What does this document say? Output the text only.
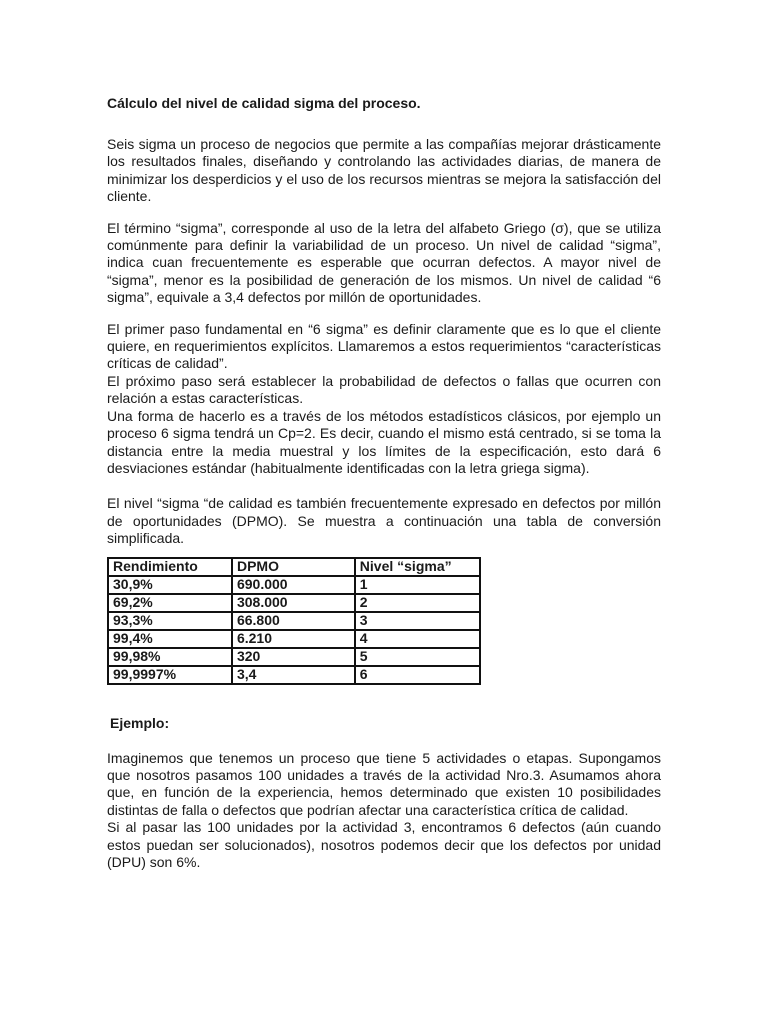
Cálculo del nivel de calidad sigma del proceso.

Seis sigma un proceso de negocios que permite a las compañías mejorar drásticamente los resultados finales, diseñando y controlando las actividades diarias, de manera de minimizar los desperdicios y el uso de los recursos mientras se mejora la satisfacción del cliente.

El término “sigma”, corresponde al uso de la letra del alfabeto Griego (σ), que se utiliza comúnmente para definir la variabilidad de un proceso. Un nivel de calidad “sigma”, indica cuan frecuentemente es esperable que ocurran defectos. A mayor nivel de “sigma”, menor es la posibilidad de generación de los mismos. Un nivel de calidad “6 sigma”, equivale a 3,4 defectos por millón de oportunidades.

El primer paso fundamental en “6 sigma” es definir claramente que es lo que el cliente quiere, en requerimientos explícitos. Llamaremos a estos requerimientos “características críticas de calidad”.

El próximo paso será establecer la probabilidad de defectos o fallas que ocurren con relación a estas características.

Una forma de hacerlo es a través de los métodos estadísticos clásicos, por ejemplo un proceso 6 sigma tendrá un Cp=2. Es decir, cuando el mismo está centrado, si se toma la distancia entre la media muestral y los límites de la especificación, esto dará 6 desviaciones estándar (habitualmente identificadas con la letra griega sigma).

El nivel “sigma “de calidad es también frecuentemente expresado en defectos por millón de oportunidades (DPMO). Se muestra a continuación una tabla de conversión simplificada.

Rendimiento	DPMO	Nivel “sigma”
30,9%	690.000	1
69,2%	308.000	2
93,3%	66.800	3
99,4%	6.210	4
99,98%	320	5
99,9997%	3,4	6
Ejemplo:

Imaginemos que tenemos un proceso que tiene 5 actividades o etapas. Supongamos que nosotros pasamos 100 unidades a través de la actividad Nro.3. Asumamos ahora que, en función de la experiencia, hemos determinado que existen 10 posibilidades distintas de falla o defectos que podrían afectar una característica crítica de calidad.

Si al pasar las 100 unidades por la actividad 3, encontramos 6 defectos (aún cuando estos puedan ser solucionados), nosotros podemos decir que los defectos por unidad (DPU) son 6%.
